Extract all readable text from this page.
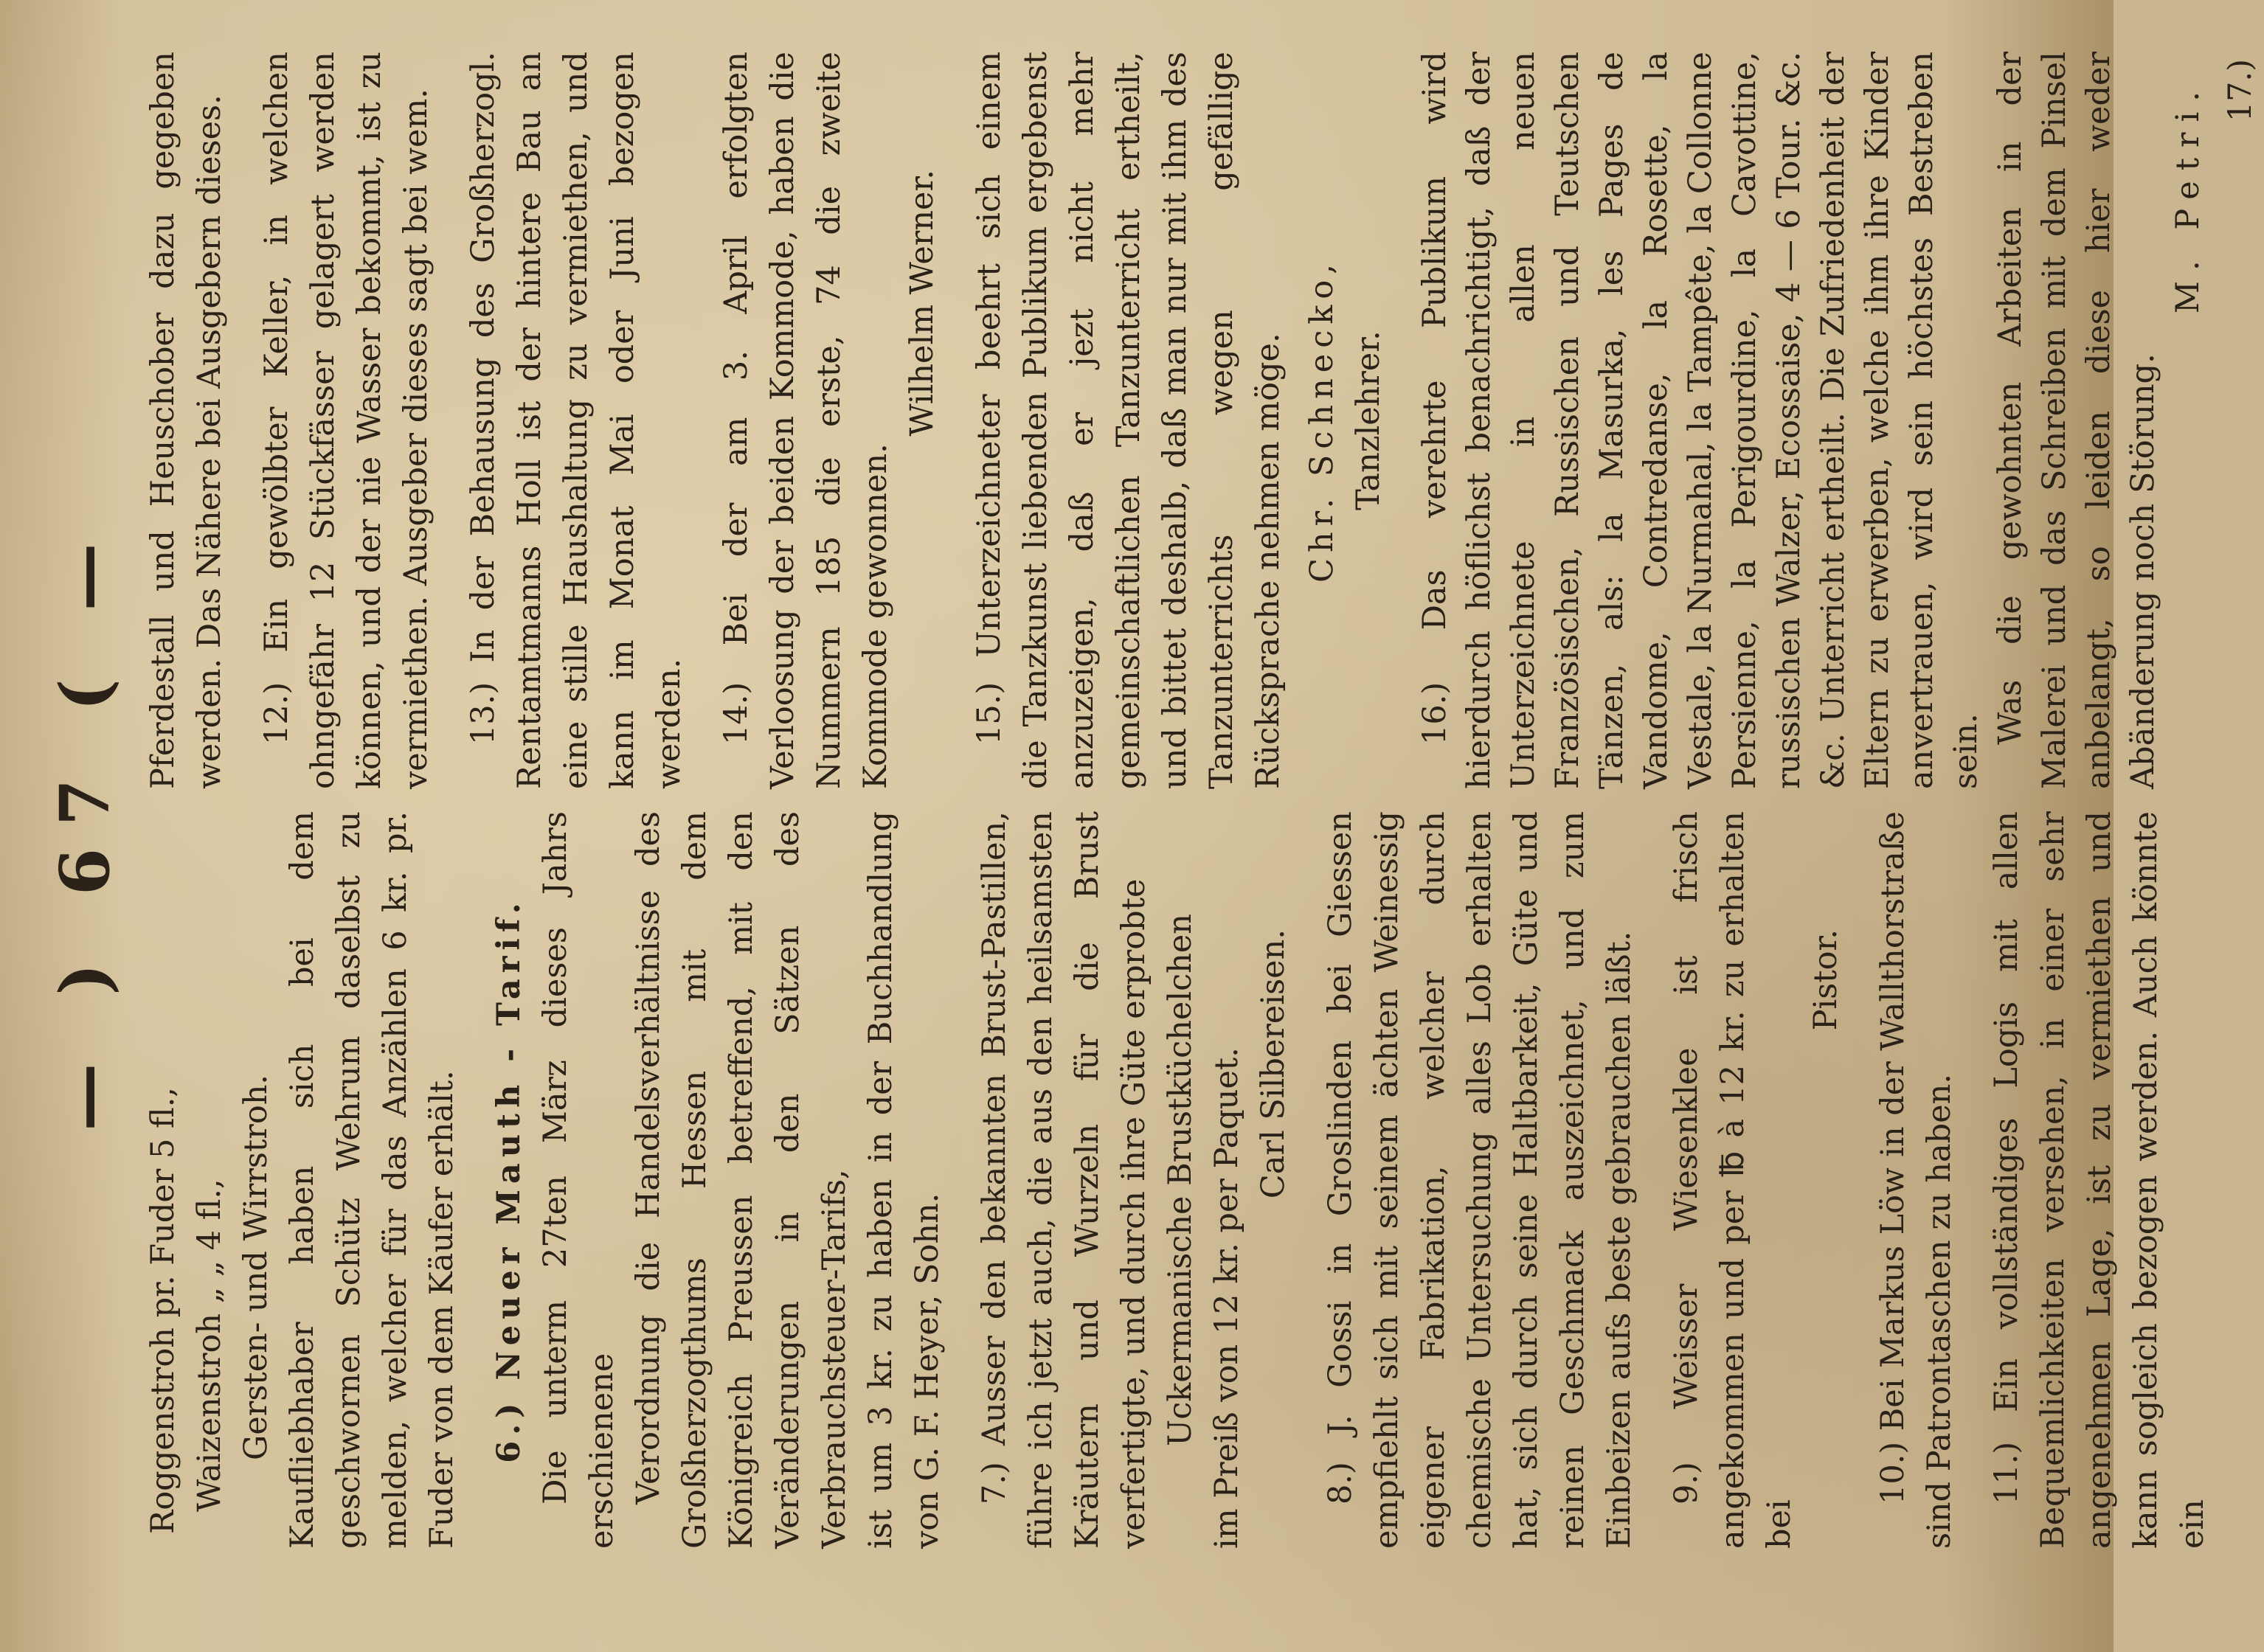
— ) 67 ( —
Roggenstroh pr. Fuder 5 fl., Waizenstroh „ „ 4 fl., Gersten- und Wirrstroh. Kaufliebhaber haben sich bei dem geschwornen Schütz Wehrum daselbst zu melden, welcher für das Anzählen 6 kr. pr. Fuder von dem Käufer erhält. 6.) Neuer Mauth - Tarif. Die unterm 27ten März dieses Jahrs erschienene Verordnung die Handelsverhältnisse des Großherzogthums Hessen mit dem Königreich Preussen betreffend, mit den Veränderungen in den Sätzen des Verbrauchsteuer-Tarifs, ist um 3 kr. zu haben in der Buchhandlung von G. F. Heyer, Sohn. 7.) Ausser den bekannten Brust-Pastillen, führe ich jetzt auch, die aus den heilsamsten Kräutern und Wurzeln für die Brust verfertigte, und durch ihre Güte erprobte Uckermanische Brustküchelchen im Preiß von 12 kr. per Paquet. Carl Silbereisen. 8.) J. Gossi in Groslinden bei Giessen empfiehlt sich mit seinem ächten Weinessig eigener Fabrikation, welcher durch chemische Untersuchung alles Lob erhalten hat, sich durch seine Haltbarkeit, Güte und reinen Geschmack auszeichnet, und zum Einbeizen aufs beste gebrauchen läßt. 9.) Weisser Wiesenklee ist frisch angekommen und per ℔ à 12 kr. zu erhalten bei
Pistor. 10.) Bei Markus Löw in der Wallthorstraße sind Patrontaschen zu haben. 11.) Ein vollständiges Logis mit allen Bequemlichkeiten versehen, in einer sehr angenehmen Lage, ist zu vermiethen und kann sogleich bezogen werden. Auch könnte ein
Pferdestall und Heuschober dazu gegeben werden. Das Nähere bei Ausgebern dieses. 12.) Ein gewölbter Keller, in welchen ohngefähr 12 Stückfässer gelagert werden können, und der nie Wasser bekommt, ist zu vermiethen. Ausgeber dieses sagt bei wem. 13.) In der Behausung des Großherzogl. Rentamtmanns Holl ist der hintere Bau an eine stille Haushaltung zu vermiethen, und kann im Monat Mai oder Juni bezogen werden. 14.) Bei der am 3. April erfolgten Verloosung der beiden Kommode, haben die Nummern 185 die erste, 74 die zweite Kommode gewonnen.
Wilhelm Werner. 15.) Unterzeichneter beehrt sich einem die Tanzkunst liebenden Publikum ergebenst anzuzeigen, daß er jezt nicht mehr gemeinschaftlichen Tanzunterricht ertheilt, und bittet deshalb, daß man nur mit ihm des Tanzunterrichts wegen gefällige Rücksprache nehmen möge. Chr. Schnecko, Tanzlehrer. 16.) Das verehrte Publikum wird hierdurch höflichst benachrichtigt, daß der Unterzeichnete in allen neuen Französischen, Russischen und Teutschen Tänzen, als: la Masurka, les Pages de Vandome, Contredanse, la Rosette, la Vestale, la Nurmahal, la Tampête, la Collonne Persienne, la Perigourdine, la Cavottine, russischen Walzer, Ecossaise, 4 — 6 Tour. &c. &c. Unterricht ertheilt. Die Zufriedenheit der Eltern zu erwerben, welche ihm ihre Kinder anvertrauen, wird sein höchstes Bestreben sein.
Was die gewohnten Arbeiten in der Malerei und das Schreiben mit dem Pinsel anbelangt, so leiden diese hier weder Abänderung noch Störung.
M. Petri. 17.)
